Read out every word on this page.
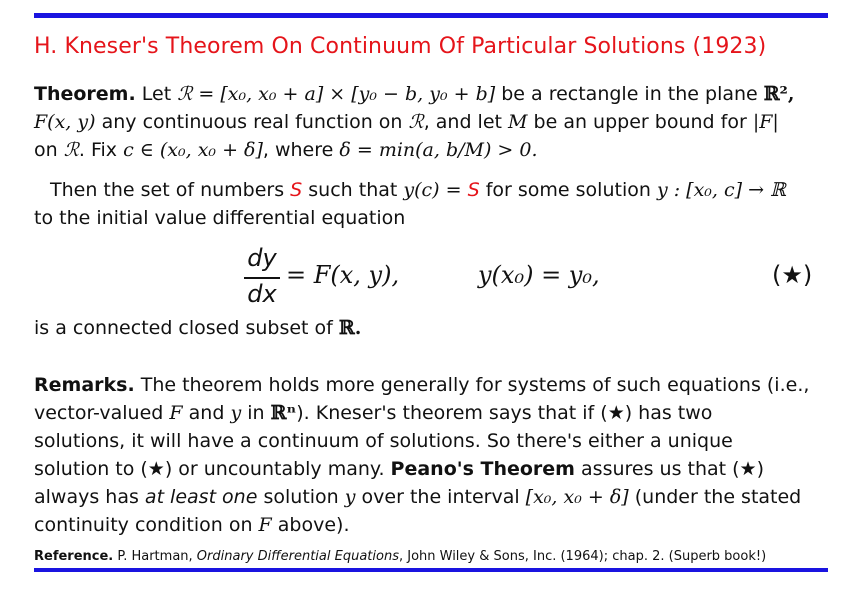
H. Kneser's Theorem On Continuum Of Particular Solutions (1923)
Theorem. Let ℛ = [x₀, x₀ + a] × [y₀ − b, y₀ + b] be a rectangle in the plane ℝ²,
F(x, y) any continuous real function on ℛ, and let M be an upper bound for |F|
on ℛ. Fix c ∈ (x₀, x₀ + δ], where δ = min(a, b/M) > 0.
Then the set of numbers S such that y(c) = S for some solution y : [x₀, c] → ℝ
to the initial value differential equation
dy
dx
= F(x, y),	y(x₀) = y₀,	(★)
is a connected closed subset of ℝ.
Remarks. The theorem holds more generally for systems of such equations (i.e.,
vector-valued F and y in ℝⁿ). Kneser's theorem says that if (★) has two
solutions, it will have a continuum of solutions. So there's either a unique
solution to (★) or uncountably many. Peano's Theorem assures us that (★)
always has at least one solution y over the interval [x₀, x₀ + δ] (under the stated
continuity condition on F above).
Reference. P. Hartman, Ordinary Differential Equations, John Wiley & Sons, Inc. (1964); chap. 2. (Superb book!)
